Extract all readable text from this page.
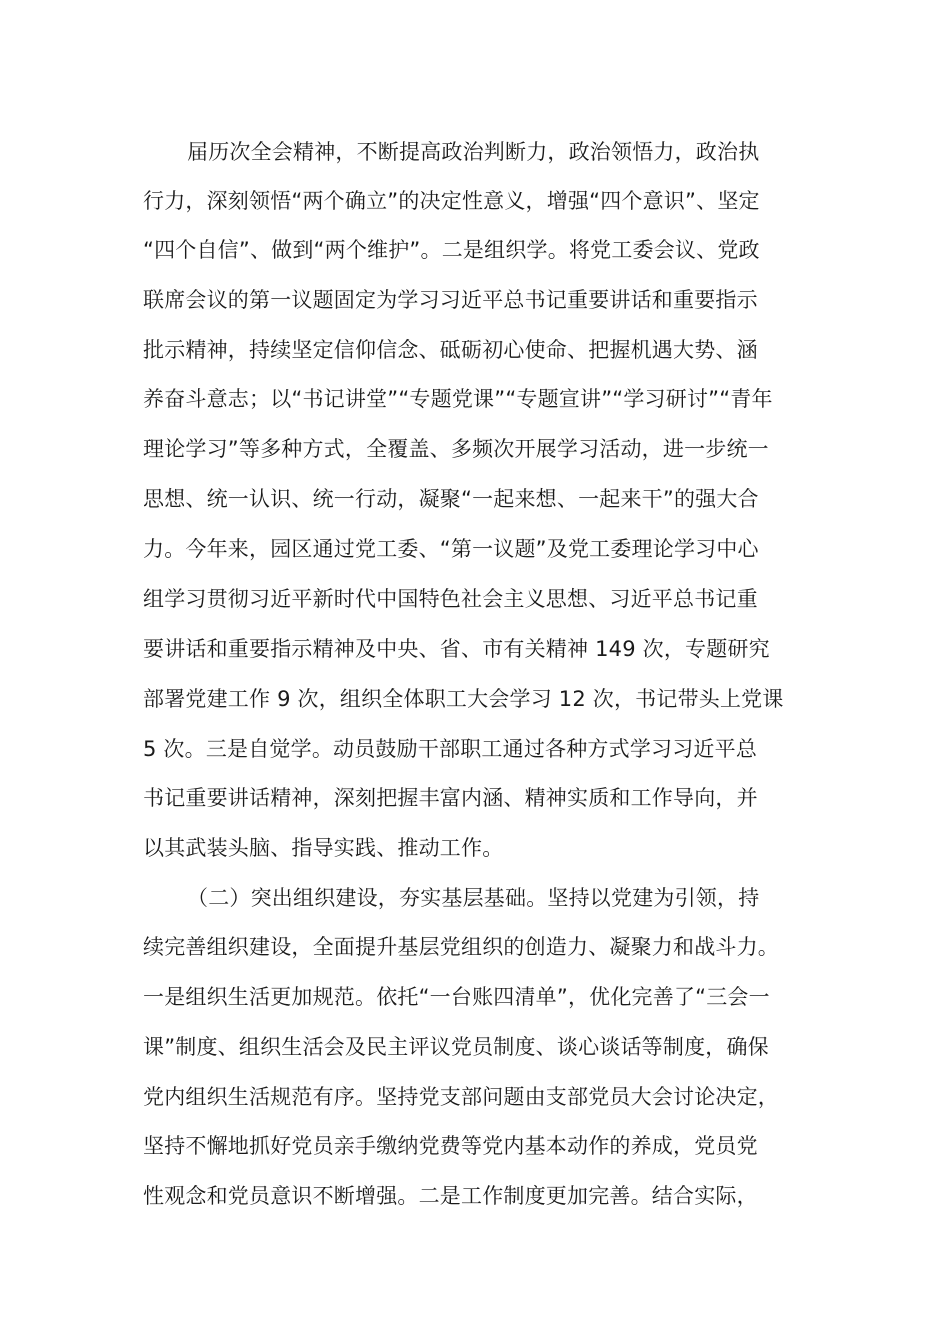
届历次全会精神，不断提高政治判断力，政治领悟力，政治执
行力，深刻领悟“两个确立”的决定性意义，增强“四个意识”、坚定
“四个自信”、做到“两个维护”。二是组织学。将党工委会议、党政
联席会议的第一议题固定为学习习近平总书记重要讲话和重要指示
批示精神，持续坚定信仰信念、砥砺初心使命、把握机遇大势、涵
养奋斗意志；以“书记讲堂”“专题党课”“专题宣讲”“学习研讨”“青年
理论学习”等多种方式，全覆盖、多频次开展学习活动，进一步统一
思想、统一认识、统一行动，凝聚“一起来想、一起来干”的强大合
力。今年来，园区通过党工委、“第一议题”及党工委理论学习中心
组学习贯彻习近平新时代中国特色社会主义思想、习近平总书记重
要讲话和重要指示精神及中央、省、市有关精神 149 次，专题研究
部署党建工作 9 次，组织全体职工大会学习 12 次，书记带头上党课
5 次。三是自觉学。动员鼓励干部职工通过各种方式学习习近平总
书记重要讲话精神，深刻把握丰富内涵、精神实质和工作导向，并
以其武装头脑、指导实践、推动工作。
（二）突出组织建设，夯实基层基础。坚持以党建为引领，持
续完善组织建设，全面提升基层党组织的创造力、凝聚力和战斗力。
一是组织生活更加规范。依托“一台账四清单”，优化完善了“三会一
课”制度、组织生活会及民主评议党员制度、谈心谈话等制度，确保
党内组织生活规范有序。坚持党支部问题由支部党员大会讨论决定，
坚持不懈地抓好党员亲手缴纳党费等党内基本动作的养成，党员党
性观念和党员意识不断增强。二是工作制度更加完善。结合实际，
